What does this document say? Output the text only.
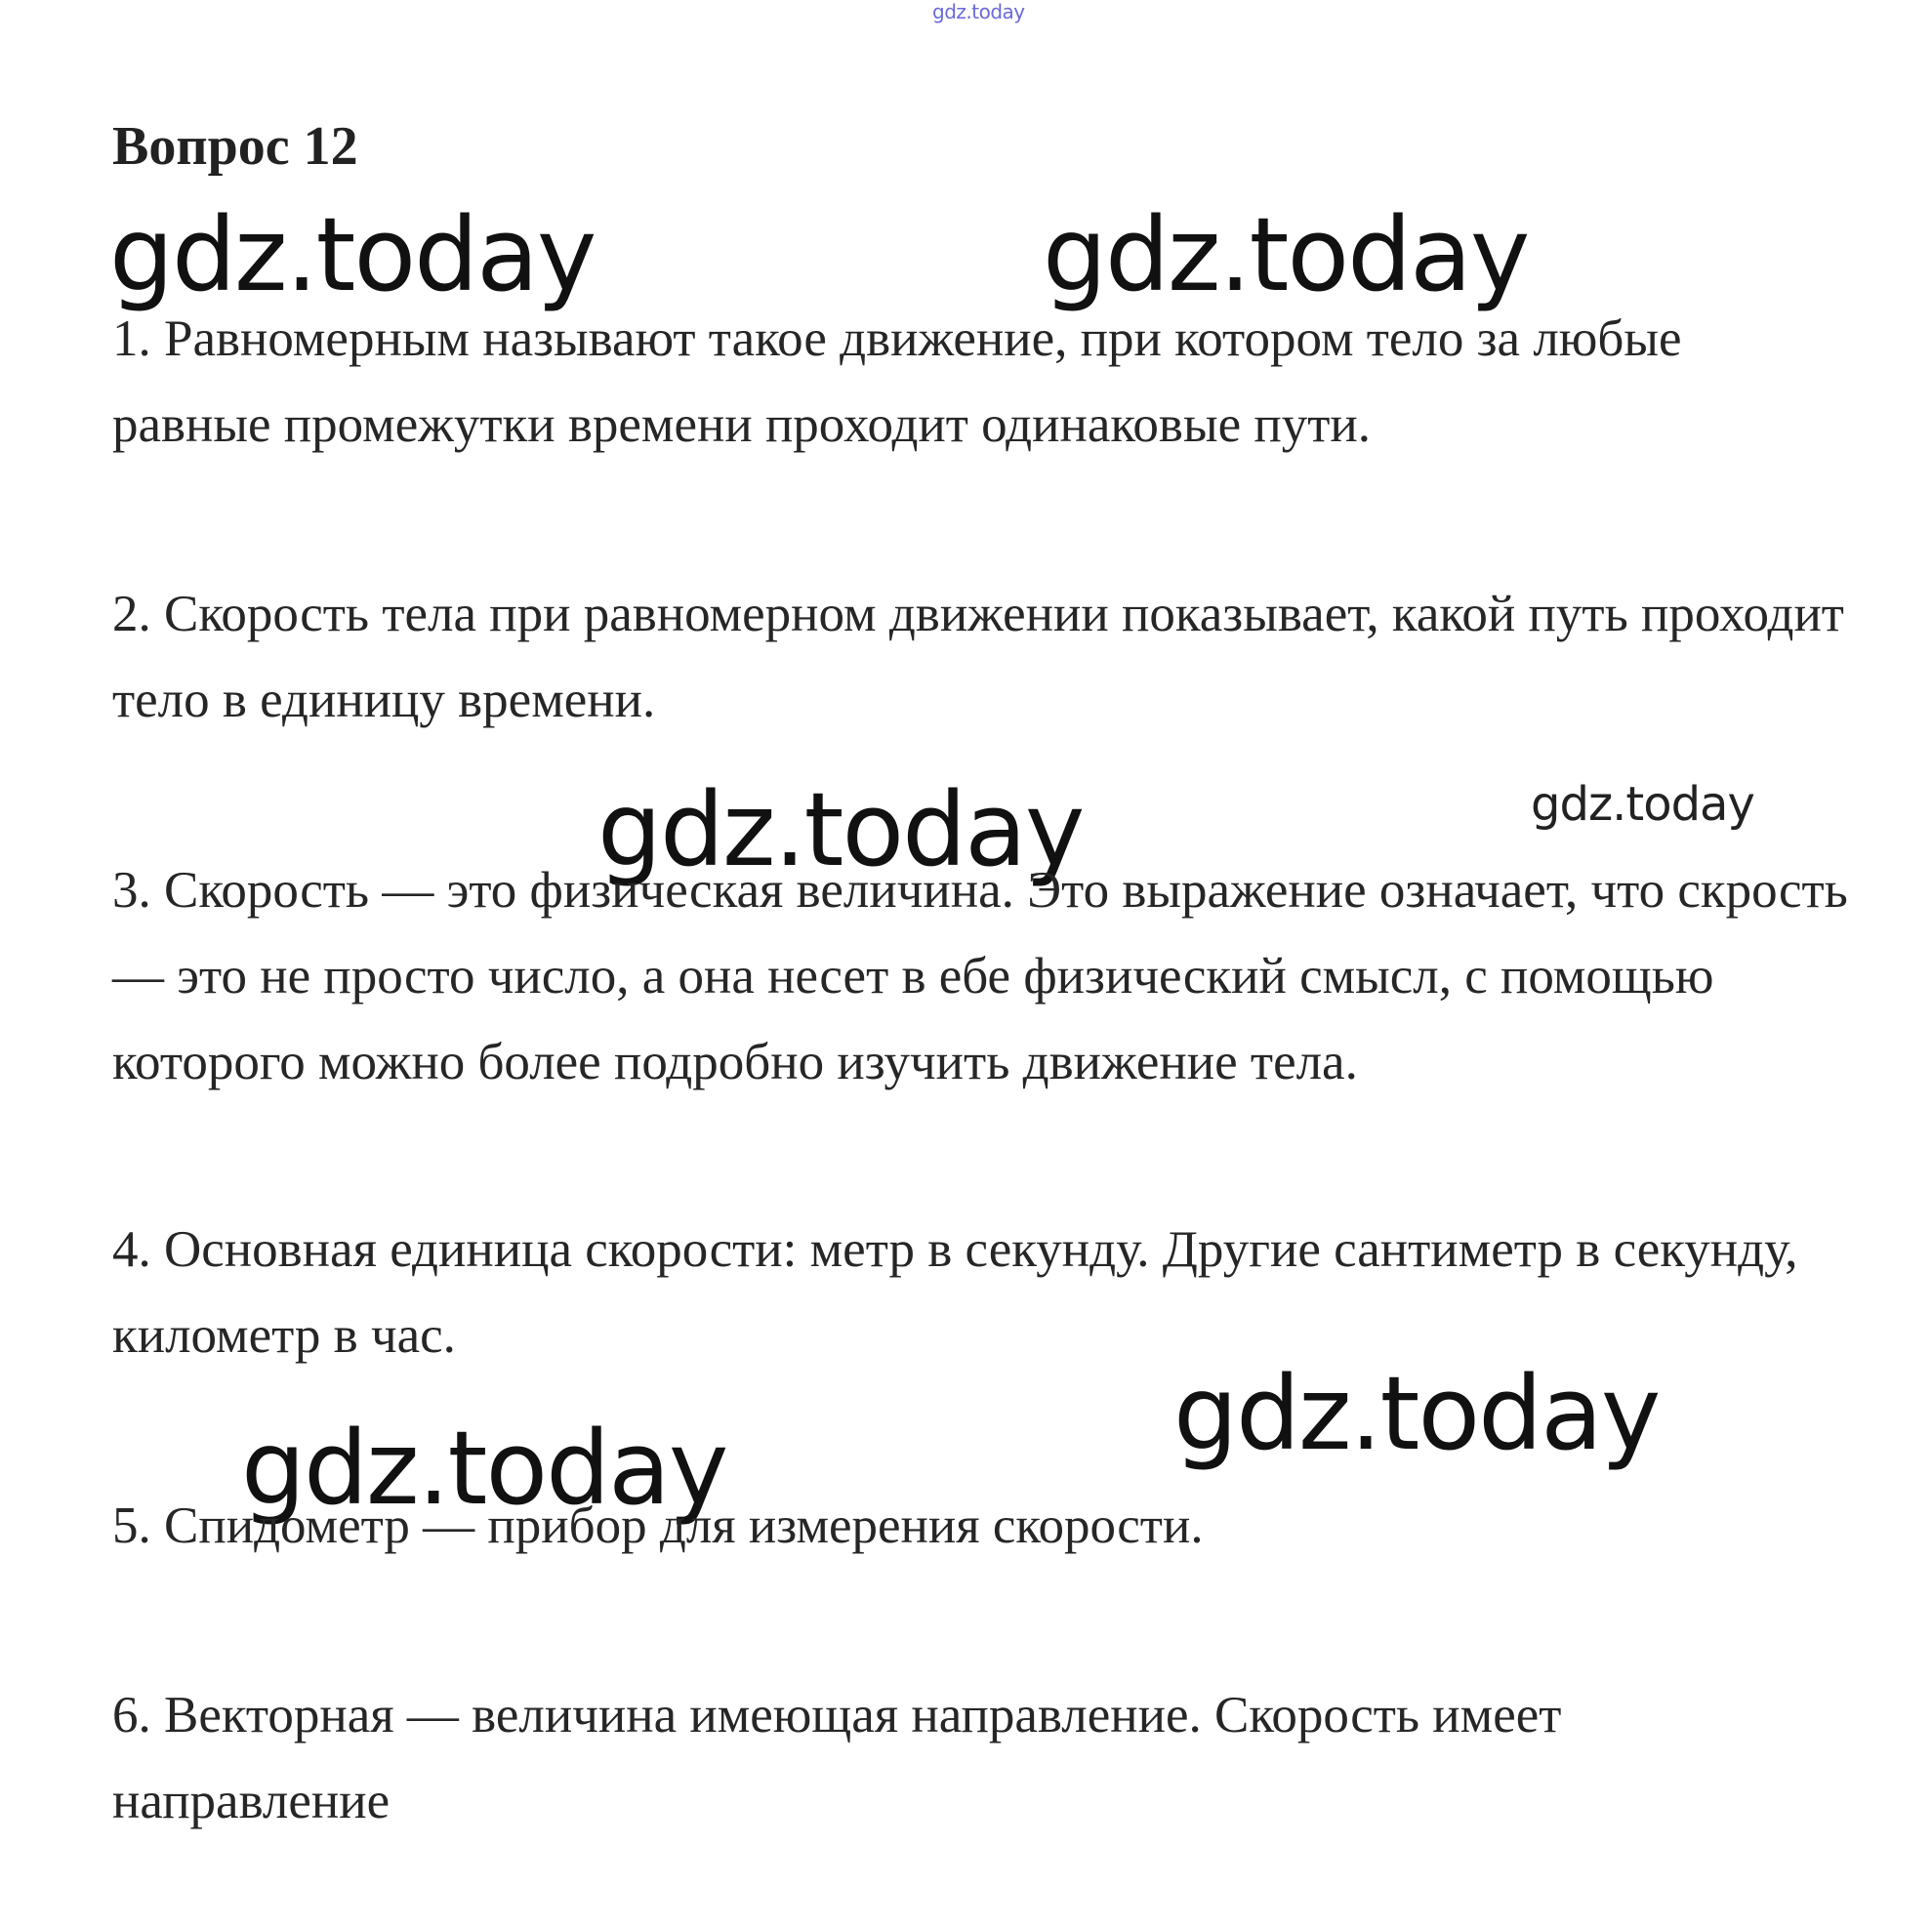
gdz.today
Вопрос 12
gdz.today	gdz.today

1. Равномерным называют такое движение, при котором тело за любые равные промежутки времени проходит одинаковые пути.

2. Скорость тела при равномерном движении показывает, какой путь проходит тело в единицу времени.

gdz.today	gdz.today

3. Скорость — это физическая величина. Это выражение означает, что скрость — это не просто число, а она несет в ебе физический смысл, с помощью которого можно более подробно изучить движение тела.

4. Основная единица скорости: метр в секунду. Другие сантиметр в секунду, километр в час.

gdz.today
gdz.today

5. Спидометр — прибор для измерения скорости.

6. Векторная — величина имеющая направление. Скорость имеет направление
